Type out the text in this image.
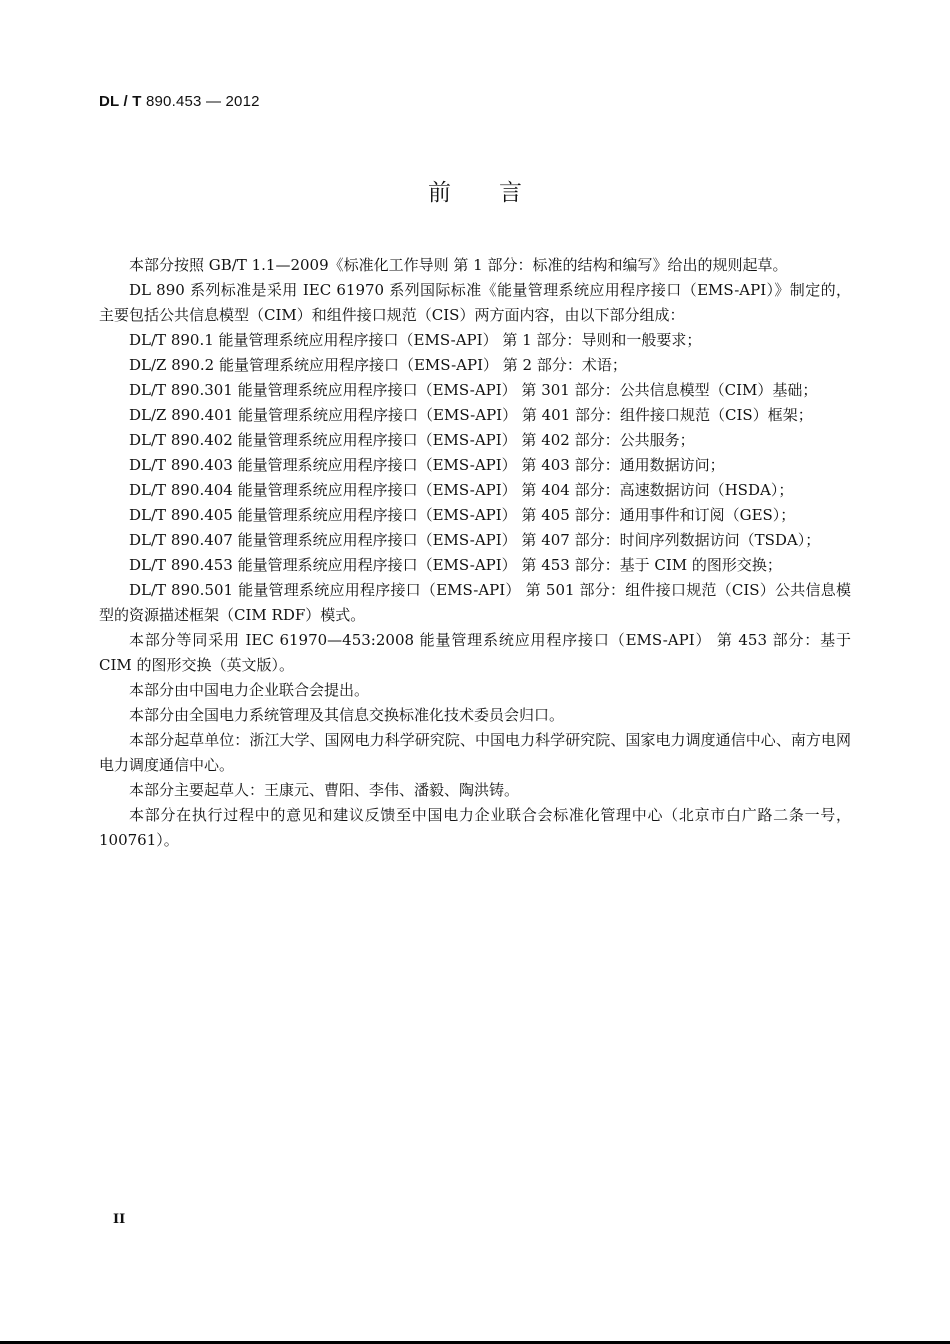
DL / T 890.453 — 2012
前言

本部分按照 GB/T 1.1—2009《标准化工作导则 第 1 部分：标准的结构和编写》给出的规则起草。

DL 890 系列标准是采用 IEC 61970 系列国际标准《能量管理系统应用程序接口（EMS-API）》制定的，主要包括公共信息模型（CIM）和组件接口规范（CIS）两方面内容，由以下部分组成：

DL/T 890.1 能量管理系统应用程序接口（EMS-API） 第 1 部分：导则和一般要求；

DL/Z 890.2 能量管理系统应用程序接口（EMS-API） 第 2 部分：术语；

DL/T 890.301 能量管理系统应用程序接口（EMS-API） 第 301 部分：公共信息模型（CIM）基础；

DL/Z 890.401 能量管理系统应用程序接口（EMS-API） 第 401 部分：组件接口规范（CIS）框架；

DL/T 890.402 能量管理系统应用程序接口（EMS-API） 第 402 部分：公共服务；

DL/T 890.403 能量管理系统应用程序接口（EMS-API） 第 403 部分：通用数据访问；

DL/T 890.404 能量管理系统应用程序接口（EMS-API） 第 404 部分：高速数据访问（HSDA）；

DL/T 890.405 能量管理系统应用程序接口（EMS-API） 第 405 部分：通用事件和订阅（GES）；

DL/T 890.407 能量管理系统应用程序接口（EMS-API） 第 407 部分：时间序列数据访问（TSDA）；

DL/T 890.453 能量管理系统应用程序接口（EMS-API） 第 453 部分：基于 CIM 的图形交换；

DL/T 890.501 能量管理系统应用程序接口（EMS-API） 第 501 部分：组件接口规范（CIS）公共信息模型的资源描述框架（CIM RDF）模式。

本部分等同采用 IEC 61970—453:2008 能量管理系统应用程序接口（EMS-API） 第 453 部分：基于 CIM 的图形交换（英文版）。

本部分由中国电力企业联合会提出。

本部分由全国电力系统管理及其信息交换标准化技术委员会归口。

本部分起草单位：浙江大学、国网电力科学研究院、中国电力科学研究院、国家电力调度通信中心、南方电网电力调度通信中心。

本部分主要起草人：王康元、曹阳、李伟、潘毅、陶洪铸。

本部分在执行过程中的意见和建议反馈至中国电力企业联合会标准化管理中心（北京市白广路二条一号，100761）。

II
